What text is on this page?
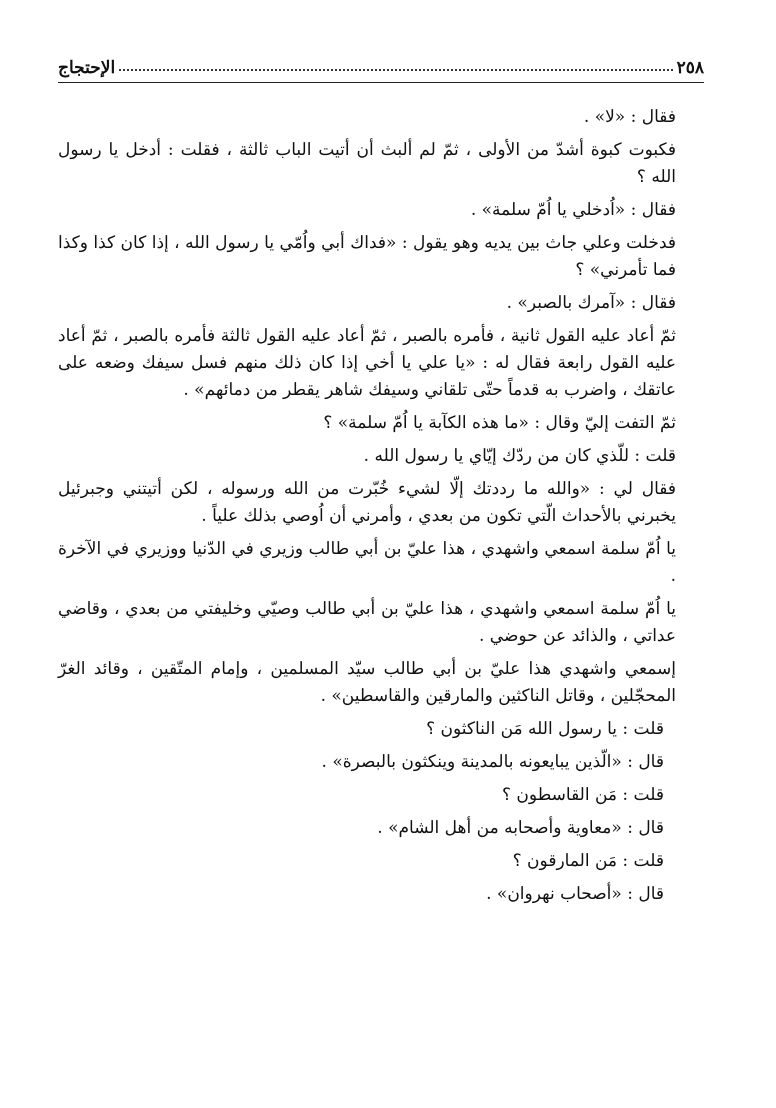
٢٥٨
الإحتجاج

فقال : «لا» .

فكبوت كبوة أشدّ من الأولى ، ثمّ لم ألبث أن أتيت الباب ثالثة ، فقلت : أدخل يا رسول الله ؟

فقال : «اُدخلي يا اُمّ سلمة» .

فدخلت وعلي جاث بين يديه وهو يقول : «فداك أبي واُمّي يا رسول الله ، إذا كان كذا وكذا فما تأمرني» ؟

فقال : «آمرك بالصبر» .

ثمّ أعاد عليه القول ثانية ، فأمره بالصبر ، ثمّ أعاد عليه القول ثالثة فأمره بالصبر ، ثمّ أعاد عليه القول رابعة فقال له : «يا علي يا أخي إذا كان ذلك منهم فسل سيفك وضعه على عاتقك ، واضرب به قدماً حتّى تلقاني وسيفك شاهر يقطر من دمائهم» .

ثمّ التفت إليّ وقال : «ما هذه الكآبة يا اُمّ سلمة» ؟

قلت : للّذي كان من ردّك إيّاي يا رسول الله .

فقال لي : «والله ما رددتك إلّا لشيء خُبّرت من الله ورسوله ، لكن أتيتني وجبرئيل يخبرني بالأحداث الّتي تكون من بعدي ، وأمرني أن اُوصي بذلك علياً .

يا اُمّ سلمة اسمعي واشهدي ، هذا عليّ بن أبي طالب وزيري في الدّنيا ووزيري في الآخرة .

يا اُمّ سلمة اسمعي واشهدي ، هذا عليّ بن أبي طالب وصيّي وخليفتي من بعدي ، وقاضي عداتي ، والذائد عن حوضي .

إسمعي واشهدي هذا عليّ بن أبي طالب سيّد المسلمين ، وإمام المتّقين ، وقائد الغرّ المحجّلين ، وقاتل الناكثين والمارقين والقاسطين» .

قلت : يا رسول الله مَن الناكثون ؟

قال : «الّذين يبايعونه بالمدينة وينكثون بالبصرة» .

قلت : مَن القاسطون ؟

قال : «معاوية وأصحابه من أهل الشام» .

قلت : مَن المارقون ؟

قال : «أصحاب نهروان» .
